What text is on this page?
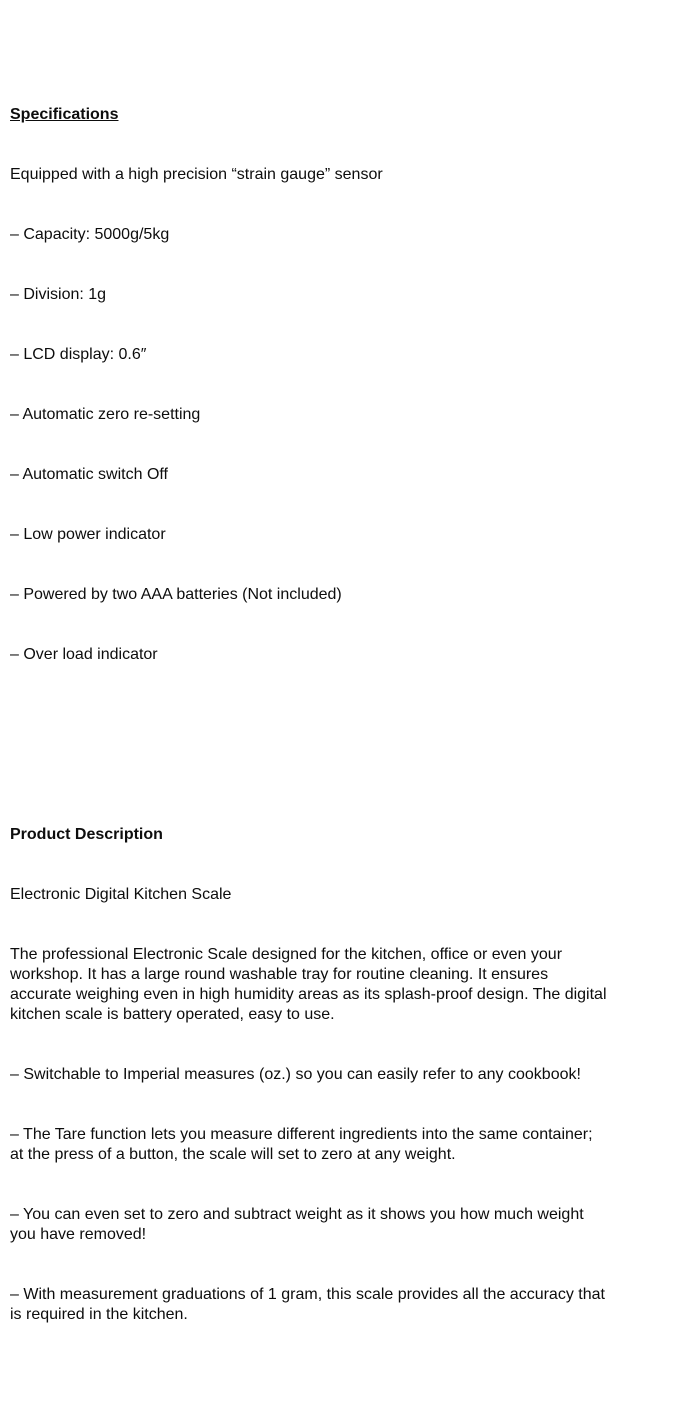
Specifications

Equipped with a high precision “strain gauge” sensor

– Capacity: 5000g/5kg

– Division: 1g

– LCD display: 0.6″

– Automatic zero re-setting

– Automatic switch Off

– Low power indicator

– Powered by two AAA batteries (Not included)

– Over load indicator

Product Description

Electronic Digital Kitchen Scale

The professional Electronic Scale designed for the kitchen, office or even your
workshop. It has a large round washable tray for routine cleaning. It ensures
accurate weighing even in high humidity areas as its splash-proof design. The digital
kitchen scale is battery operated, easy to use.

– Switchable to Imperial measures (oz.) so you can easily refer to any cookbook!

– The Tare function lets you measure different ingredients into the same container;
at the press of a button, the scale will set to zero at any weight.

– You can even set to zero and subtract weight as it shows you how much weight
you have removed!

– With measurement graduations of 1 gram, this scale provides all the accuracy that
is required in the kitchen.
